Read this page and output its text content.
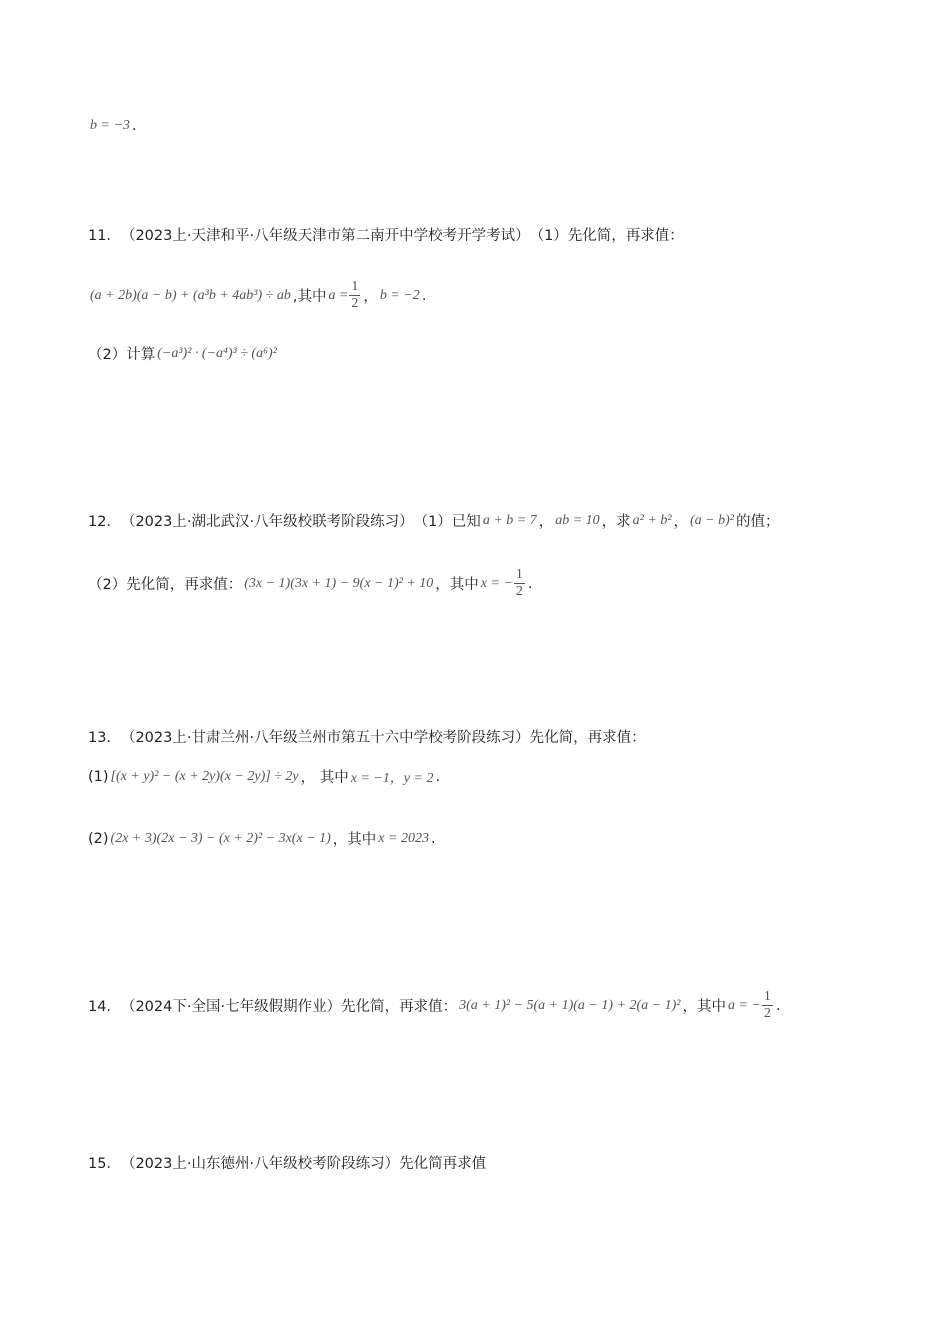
b = −3 .
11． （2023上·天津和平·八年级天津市第二南开中学校考开学考试） （1）先化简，再求值：
(a + 2b)(a − b) + (a³b + 4ab³) ÷ ab ,其中 $a = \frac{1}{2}$ ， b = −2 .
（2）计算 (−a³)² · (−a⁴)³ ÷ (a⁶)²
12． （2023上·湖北武汉·八年级校联考阶段练习） （1）已知 a + b = 7 ， ab = 10 ，求 a² + b² ， (a − b)² 的值；
（2）先化简，再求值： (3x − 1)(3x + 1) − 9(x − 1)² + 10 ，其中 x = − $\frac{1}{2}$ .
13． （2023上·甘肃兰州·八年级兰州市第五十六中学校考阶段练习） 先化简，再求值：
(1) [(x + y)² − (x + 2y)(x − 2y)] ÷ 2y ， 其中 x = −1，y = 2 .
(2) (2x + 3)(2x − 3) − (x + 2)² − 3x(x − 1) ，其中 x = 2023 .
14． （2024下·全国·七年级假期作业） 先化简，再求值： 3(a + 1)² − 5(a + 1)(a − 1) + 2(a − 1)² ，其中 a = − $\frac{1}{2}$ .
15． （2023上·山东德州·八年级校考阶段练习） 先化简再求值
